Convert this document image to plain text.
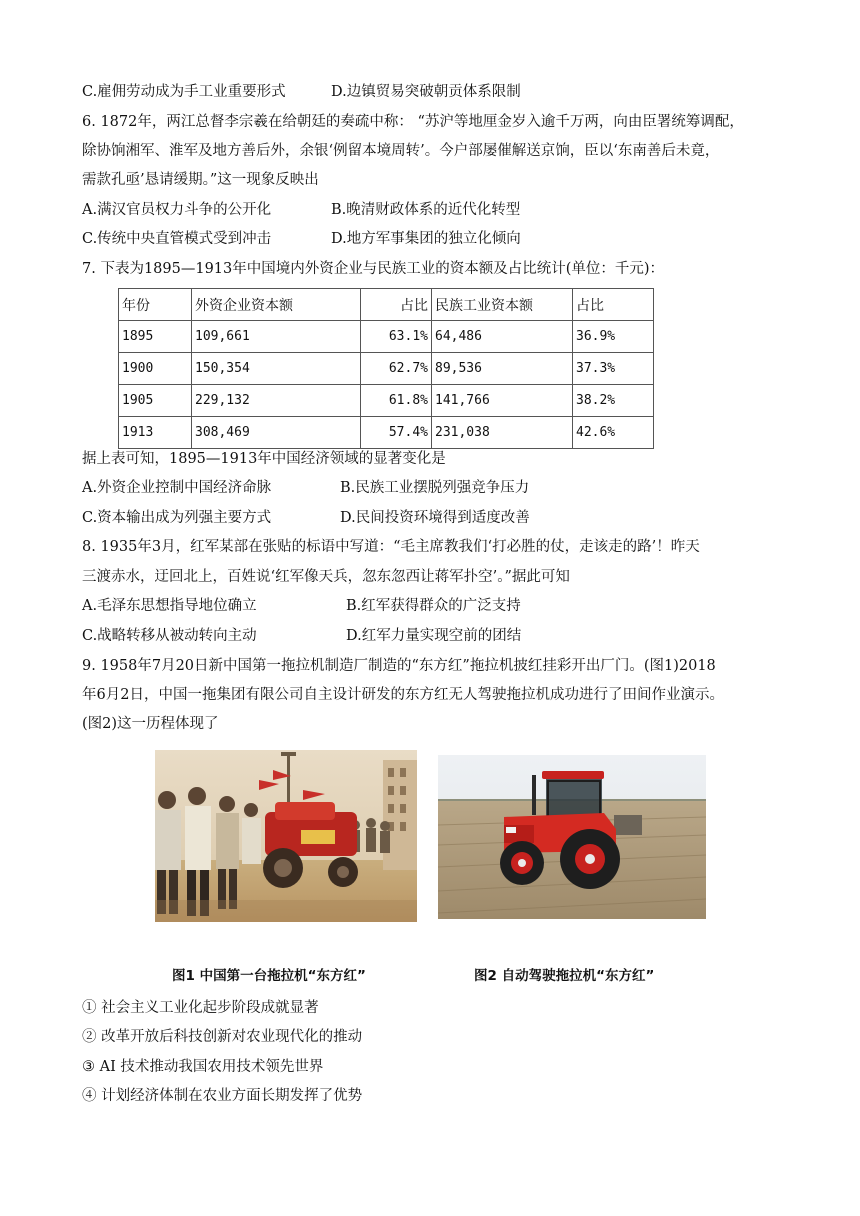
C.雇佣劳动成为手工业重要形式	D.边镇贸易突破朝贡体系限制
6. 1872年，两江总督李宗羲在给朝廷的奏疏中称： “苏沪等地厘金岁入逾千万两，向由臣署统筹调配，
除协饷湘军、淮军及地方善后外，余银‘例留本境周转’。今户部屡催解送京饷，臣以‘东南善后未竟，
需款孔亟’恳请缓期。”这一现象反映出
A.满汉官员权力斗争的公开化	B.晚清财政体系的近代化转型
C.传统中央直管模式受到冲击	D.地方军事集团的独立化倾向
7. 下表为1895—1913年中国境内外资企业与民族工业的资本额及占比统计(单位：千元)：
年份	外资企业资本额	占比	民族工业资本额	占比
1895	109,661	63.1%	64,486	36.9%
1900	150,354	62.7%	89,536	37.3%
1905	229,132	61.8%	141,766	38.2%
1913	308,469	57.4%	231,038	42.6%
据上表可知，1895—1913年中国经济领域的显著变化是
A.外资企业控制中国经济命脉	B.民族工业摆脱列强竞争压力
C.资本输出成为列强主要方式	D.民间投资环境得到适度改善
8. 1935年3月，红军某部在张贴的标语中写道：“毛主席教我们‘打必胜的仗，走该走的路’！昨天
三渡赤水，迂回北上，百姓说‘红军像天兵，忽东忽西让蒋军扑空’。”据此可知
A.毛泽东思想指导地位确立	B.红军获得群众的广泛支持
C.战略转移从被动转向主动	D.红军力量实现空前的团结
9. 1958年7月20日新中国第一拖拉机制造厂制造的“东方红”拖拉机披红挂彩开出厂门。(图1)2018
年6月2日，中国一拖集团有限公司自主设计研发的东方红无人驾驶拖拉机成功进行了田间作业演示。
(图2)这一历程体现了
图1 中国第一台拖拉机“东方红”	图2 自动驾驶拖拉机“东方红”
① 社会主义工业化起步阶段成就显著
② 改革开放后科技创新对农业现代化的推动
③ AI 技术推动我国农用技术领先世界
④ 计划经济体制在农业方面长期发挥了优势
